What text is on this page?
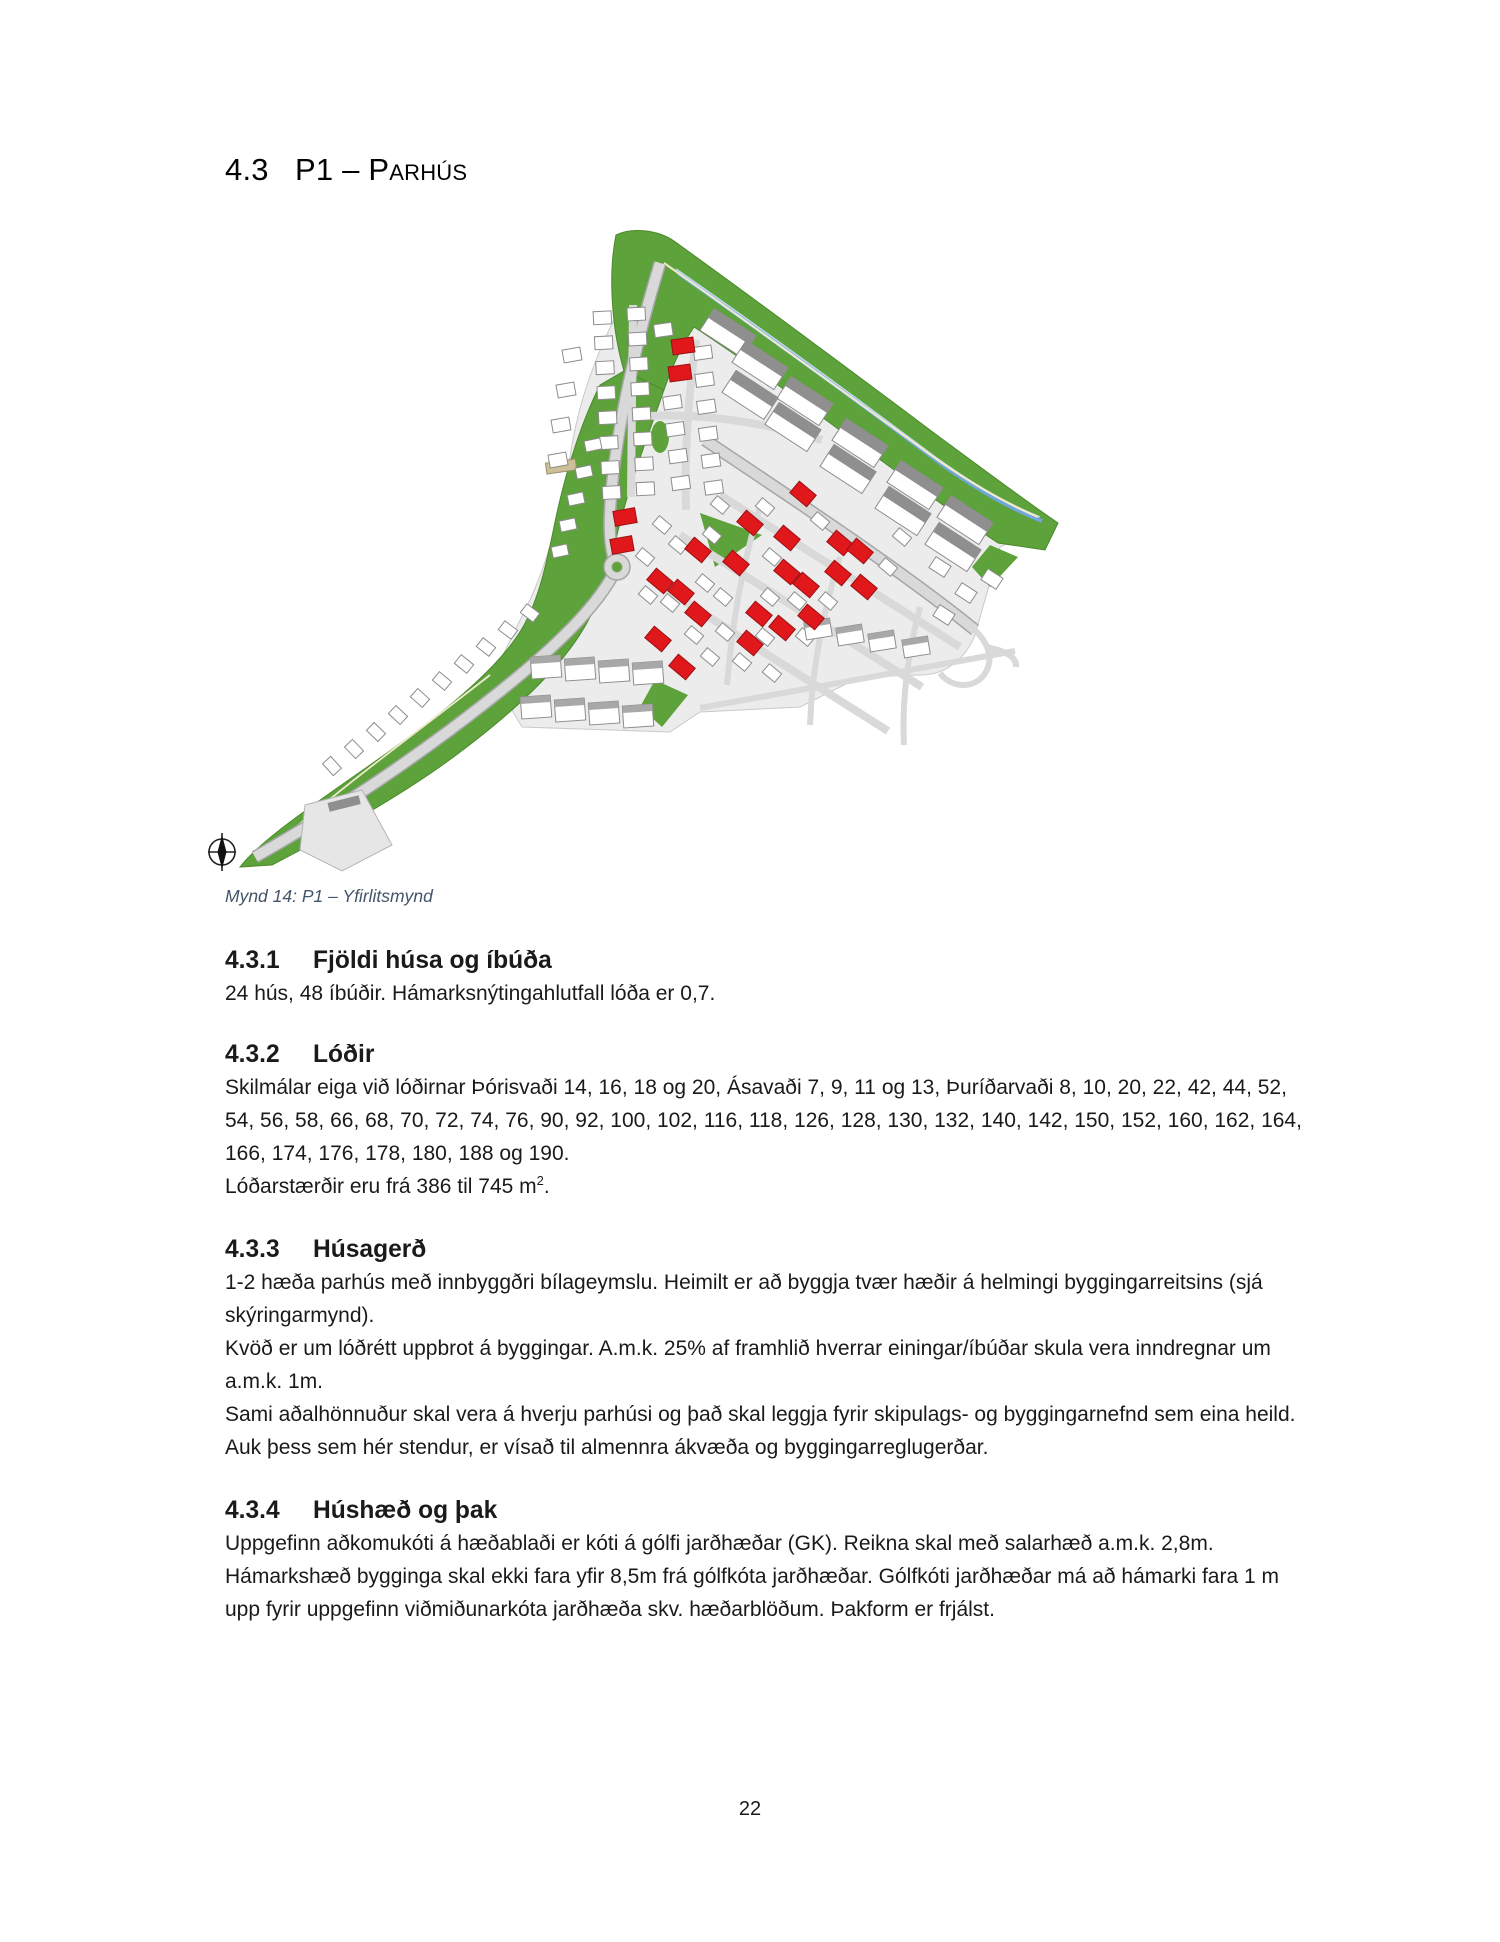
4.3 P1 – Parhús
Mynd 14: P1 – Yfirlitsmynd
4.3.1	Fjöldi húsa og íbúða

24 hús, 48 íbúðir. Hámarksnýtingahlutfall lóða er 0,7.

4.3.2	Lóðir

Skilmálar eiga við lóðirnar Þórisvaði 14, 16, 18 og 20, Ásavaði 7, 9, 11 og 13, Þuríðarvaði 8, 10, 20, 22, 42, 44, 52, 54, 56, 58, 66, 68, 70, 72, 74, 76, 90, 92, 100, 102, 116, 118, 126, 128, 130, 132, 140, 142, 150, 152, 160, 162, 164, 166, 174, 176, 178, 180, 188 og 190.

Lóðarstærðir eru frá 386 til 745 $m^2$.

4.3.3	Húsagerð

1-2 hæða parhús með innbyggðri bílageymslu. Heimilt er að byggja tvær hæðir á helmingi byggingarreitsins (sjá skýringarmynd).

Kvöð er um lóðrétt uppbrot á byggingar. A.m.k. 25% af framhlið hverrar einingar/íbúðar skula vera inndregnar um a.m.k. 1m.

Sami aðalhönnuður skal vera á hverju parhúsi og það skal leggja fyrir skipulags- og byggingarnefnd sem eina heild.

Auk þess sem hér stendur, er vísað til almennra ákvæða og byggingarreglugerðar.

4.3.4	Húshæð og þak

Uppgefinn aðkomukóti á hæðablaði er kóti á gólfi jarðhæðar (GK). Reikna skal með salarhæð a.m.k. 2,8m. Hámarkshæð bygginga skal ekki fara yfir 8,5m frá gólfkóta jarðhæðar. Gólfkóti jarðhæðar má að hámarki fara 1 m upp fyrir uppgefinn viðmiðunarkóta jarðhæða skv. hæðarblöðum. Þakform er frjálst.

22
